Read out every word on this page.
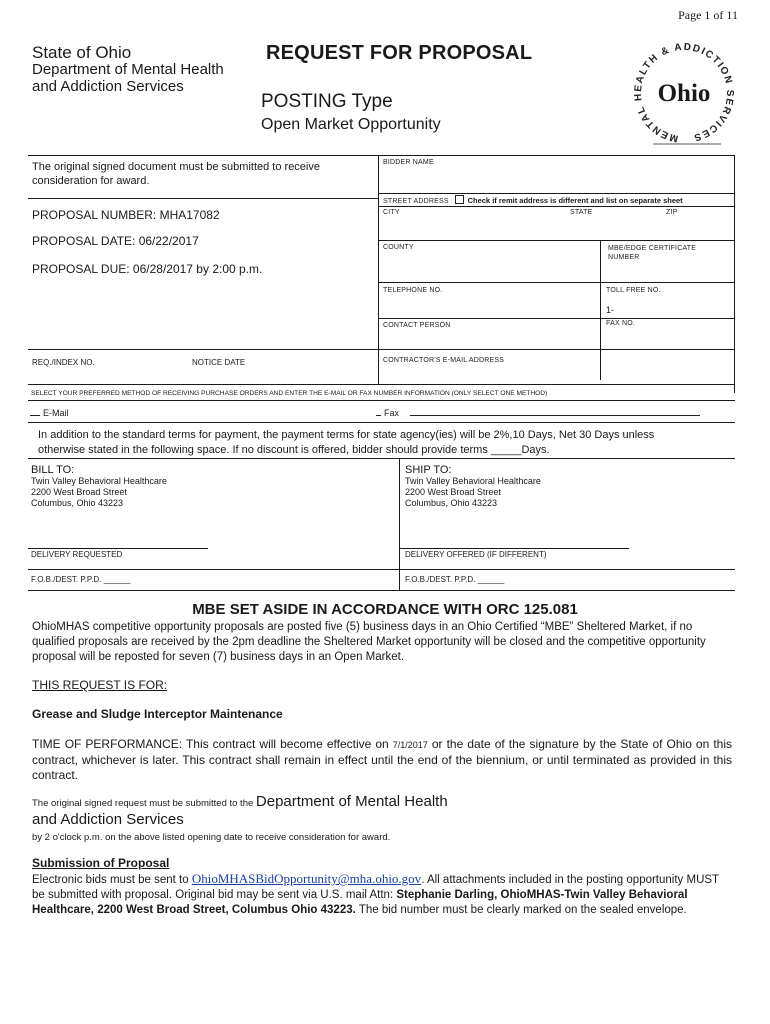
Page 1 of 11
State of Ohio
Department of Mental Health
and Addiction Services
REQUEST FOR PROPOSAL
POSTING Type
Open Market Opportunity
MENTAL HEALTH & ADDICTION SERVICES
Ohio
The original signed document must be submitted to receive consideration for award.
PROPOSAL NUMBER: MHA17082
PROPOSAL DATE: 06/22/2017
PROPOSAL DUE: 06/28/2017 by 2:00 p.m.
REQ./INDEX NO.	NOTICE DATE
BIDDER NAME
STREET ADDRESS	Check if remit address is different and list on separate sheet
CITY	STATE	ZIP
COUNTY	MBE/EDGE CERTIFICATE
NUMBER
TELEPHONE NO.	TOLL FREE NO.
1-
CONTACT PERSON	FAX NO.
CONTRACTOR'S E-MAIL ADDRESS
SELECT YOUR PREFERRED METHOD OF RECEIVING PURCHASE ORDERS AND ENTER THE E-MAIL OR FAX NUMBER INFORMATION (ONLY SELECT ONE METHOD)
E-Mail	Fax
In addition to the standard terms for payment, the payment terms for state agency(ies) will be 2%,10 Days, Net 30 Days unless
otherwise stated in the following space. If no discount is offered, bidder should provide terms _____Days.
BILL TO:
Twin Valley Behavioral Healthcare
2200 West Broad Street
Columbus, Ohio 43223
SHIP TO:
Twin Valley Behavioral Healthcare
2200 West Broad Street
Columbus, Ohio 43223
DELIVERY REQUESTED	DELIVERY OFFERED (IF DIFFERENT)
F.O.B./DEST. P.P.D. ______	F.O.B./DEST. P.P.D. ______
MBE SET ASIDE IN ACCORDANCE WITH ORC 125.081
OhioMHAS competitive opportunity proposals are posted five (5) business days in an Ohio Certified “MBE” Sheltered Market, if no qualified proposals are received by the 2pm deadline the Sheltered Market opportunity will be closed and the competitive opportunity proposal will be reposted for seven (7) business days in an Open Market.
THIS REQUEST IS FOR:
Grease and Sludge Interceptor Maintenance
TIME OF PERFORMANCE: This contract will become effective on 7/1/2017 or the date of the signature by the State of Ohio on this contract, whichever is later. This contract shall remain in effect until the end of the biennium, or until terminated as provided in this contract.
The original signed request must be submitted to the Department of Mental Health
and Addiction Services
by 2 o'clock p.m. on the above listed opening date to receive consideration for award.
Submission of Proposal
Electronic bids must be sent to OhioMHASBidOpportunity@mha.ohio.gov. All attachments included in the posting opportunity MUST be submitted with proposal. Original bid may be sent via U.S. mail Attn: Stephanie Darling, OhioMHAS-Twin Valley Behavioral Healthcare, 2200 West Broad Street, Columbus Ohio 43223. The bid number must be clearly marked on the sealed envelope.
